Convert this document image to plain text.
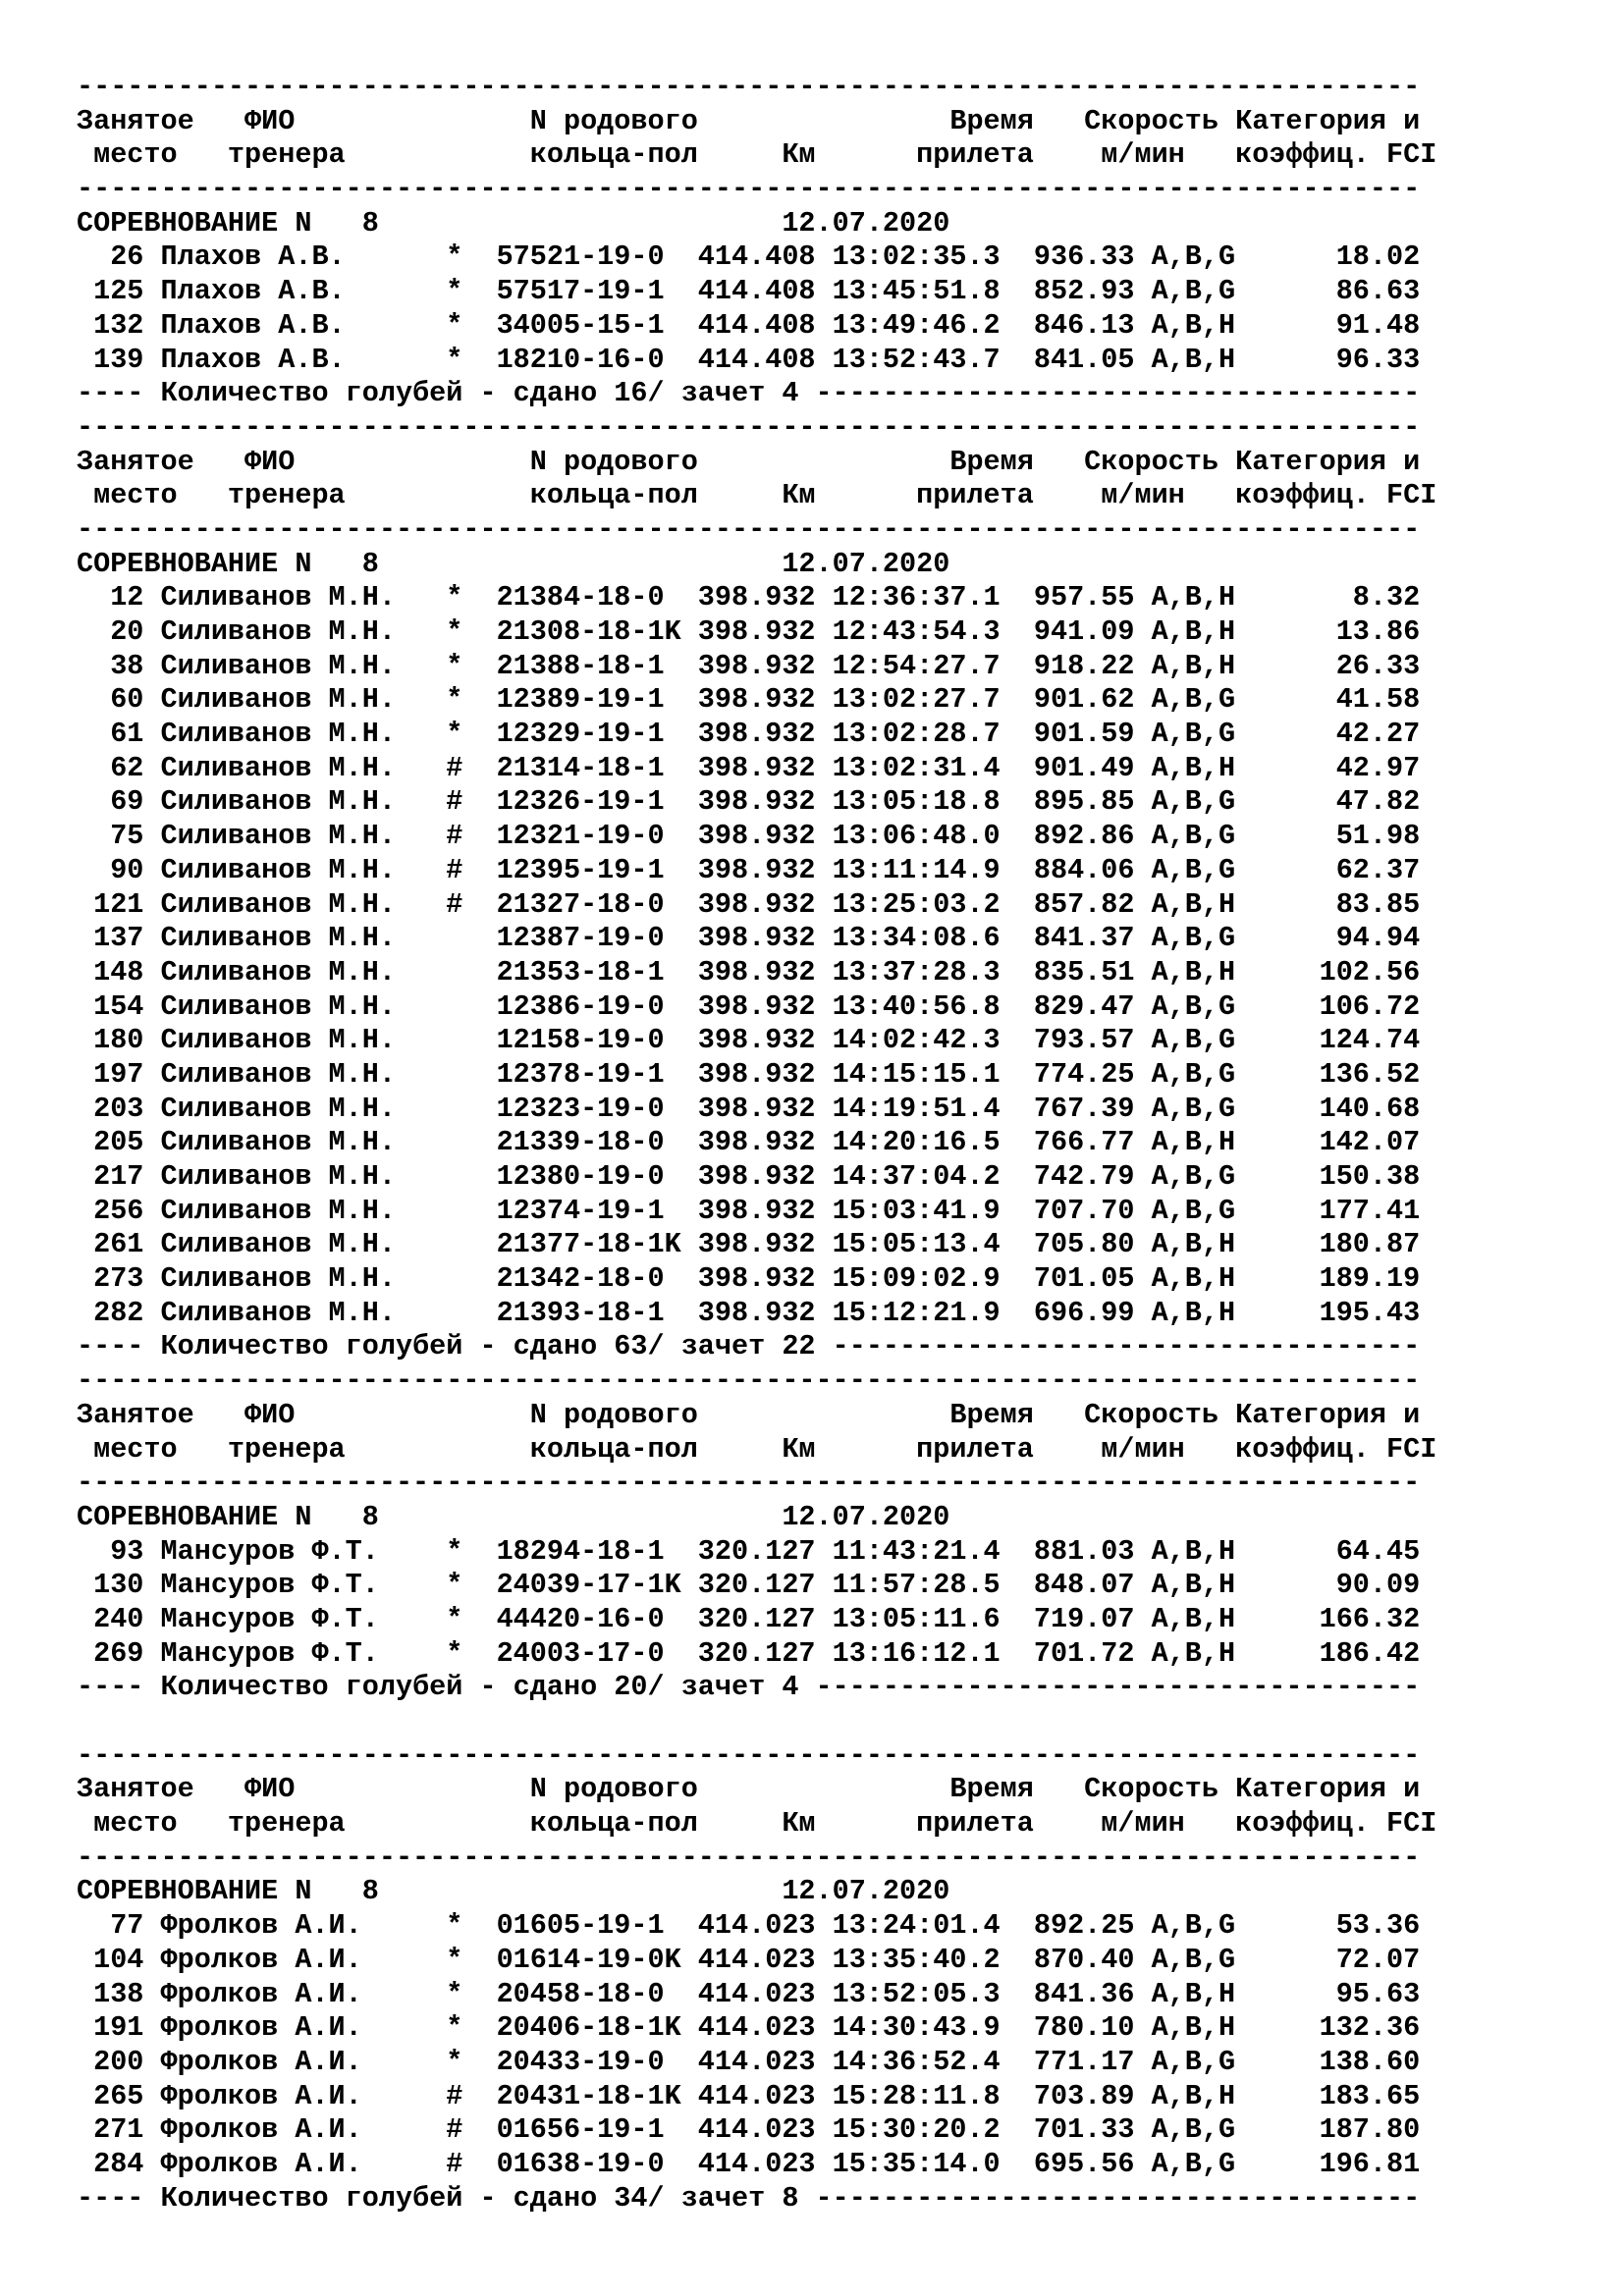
--------------------------------------------------------------------------------
Занятое   ФИО              N родового               Время   Скорость Категория и
место   тренера           кольца-пол     Км      прилета    м/мин   коэффиц. FCI
--------------------------------------------------------------------------------
СОРЕВНОВАНИЕ N   8                        12.07.2020
26 Плахов А.В.      *  57521-19-0  414.408 13:02:35.3  936.33 A,B,G      18.02
125 Плахов А.В.      *  57517-19-1  414.408 13:45:51.8  852.93 A,B,G      86.63
132 Плахов А.В.      *  34005-15-1  414.408 13:49:46.2  846.13 A,B,H      91.48
139 Плахов А.В.      *  18210-16-0  414.408 13:52:43.7  841.05 A,B,H      96.33
---- Количество голубей - сдано 16/ зачет 4 ------------------------------------
--------------------------------------------------------------------------------
Занятое   ФИО              N родового               Время   Скорость Категория и
место   тренера           кольца-пол     Км      прилета    м/мин   коэффиц. FCI
--------------------------------------------------------------------------------
СОРЕВНОВАНИЕ N   8                        12.07.2020
12 Силиванов М.Н.   *  21384-18-0  398.932 12:36:37.1  957.55 A,B,H       8.32
20 Силиванов М.Н.   *  21308-18-1K 398.932 12:43:54.3  941.09 A,B,H      13.86
38 Силиванов М.Н.   *  21388-18-1  398.932 12:54:27.7  918.22 A,B,H      26.33
60 Силиванов М.Н.   *  12389-19-1  398.932 13:02:27.7  901.62 A,B,G      41.58
61 Силиванов М.Н.   *  12329-19-1  398.932 13:02:28.7  901.59 A,B,G      42.27
62 Силиванов М.Н.   #  21314-18-1  398.932 13:02:31.4  901.49 A,B,H      42.97
69 Силиванов М.Н.   #  12326-19-1  398.932 13:05:18.8  895.85 A,B,G      47.82
75 Силиванов М.Н.   #  12321-19-0  398.932 13:06:48.0  892.86 A,B,G      51.98
90 Силиванов М.Н.   #  12395-19-1  398.932 13:11:14.9  884.06 A,B,G      62.37
121 Силиванов М.Н.   #  21327-18-0  398.932 13:25:03.2  857.82 A,B,H      83.85
137 Силиванов М.Н.      12387-19-0  398.932 13:34:08.6  841.37 A,B,G      94.94
148 Силиванов М.Н.      21353-18-1  398.932 13:37:28.3  835.51 A,B,H     102.56
154 Силиванов М.Н.      12386-19-0  398.932 13:40:56.8  829.47 A,B,G     106.72
180 Силиванов М.Н.      12158-19-0  398.932 14:02:42.3  793.57 A,B,G     124.74
197 Силиванов М.Н.      12378-19-1  398.932 14:15:15.1  774.25 A,B,G     136.52
203 Силиванов М.Н.      12323-19-0  398.932 14:19:51.4  767.39 A,B,G     140.68
205 Силиванов М.Н.      21339-18-0  398.932 14:20:16.5  766.77 A,B,H     142.07
217 Силиванов М.Н.      12380-19-0  398.932 14:37:04.2  742.79 A,B,G     150.38
256 Силиванов М.Н.      12374-19-1  398.932 15:03:41.9  707.70 A,B,G     177.41
261 Силиванов М.Н.      21377-18-1K 398.932 15:05:13.4  705.80 A,B,H     180.87
273 Силиванов М.Н.      21342-18-0  398.932 15:09:02.9  701.05 A,B,H     189.19
282 Силиванов М.Н.      21393-18-1  398.932 15:12:21.9  696.99 A,B,H     195.43
---- Количество голубей - сдано 63/ зачет 22 -----------------------------------
--------------------------------------------------------------------------------
Занятое   ФИО              N родового               Время   Скорость Категория и
место   тренера           кольца-пол     Км      прилета    м/мин   коэффиц. FCI
--------------------------------------------------------------------------------
СОРЕВНОВАНИЕ N   8                        12.07.2020
93 Мансуров Ф.Т.    *  18294-18-1  320.127 11:43:21.4  881.03 A,B,H      64.45
130 Мансуров Ф.Т.    *  24039-17-1K 320.127 11:57:28.5  848.07 A,B,H      90.09
240 Мансуров Ф.Т.    *  44420-16-0  320.127 13:05:11.6  719.07 A,B,H     166.32
269 Мансуров Ф.Т.    *  24003-17-0  320.127 13:16:12.1  701.72 A,B,H     186.42
---- Количество голубей - сдано 20/ зачет 4 ------------------------------------

--------------------------------------------------------------------------------
Занятое   ФИО              N родового               Время   Скорость Категория и
место   тренера           кольца-пол     Км      прилета    м/мин   коэффиц. FCI
--------------------------------------------------------------------------------
СОРЕВНОВАНИЕ N   8                        12.07.2020
77 Фролков А.И.     *  01605-19-1  414.023 13:24:01.4  892.25 A,B,G      53.36
104 Фролков А.И.     *  01614-19-0K 414.023 13:35:40.2  870.40 A,B,G      72.07
138 Фролков А.И.     *  20458-18-0  414.023 13:52:05.3  841.36 A,B,H      95.63
191 Фролков А.И.     *  20406-18-1K 414.023 14:30:43.9  780.10 A,B,H     132.36
200 Фролков А.И.     *  20433-19-0  414.023 14:36:52.4  771.17 A,B,G     138.60
265 Фролков А.И.     #  20431-18-1K 414.023 15:28:11.8  703.89 A,B,H     183.65
271 Фролков А.И.     #  01656-19-1  414.023 15:30:20.2  701.33 A,B,G     187.80
284 Фролков А.И.     #  01638-19-0  414.023 15:35:14.0  695.56 A,B,G     196.81
---- Количество голубей - сдано 34/ зачет 8 ------------------------------------
